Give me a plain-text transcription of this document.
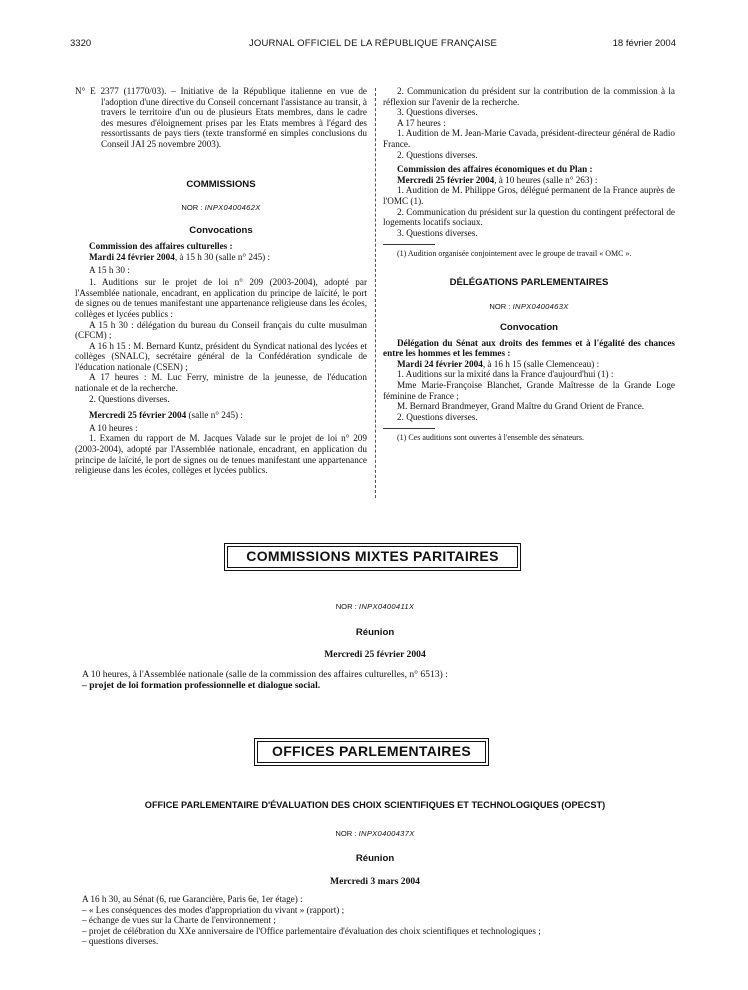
3320	JOURNAL OFFICIEL DE LA RÉPUBLIQUE FRANÇAISE	18 février 2004

N° E 2377 (11770/03). – Initiative de la République italienne en vue de l'adoption d'une directive du Conseil concernant l'assistance au transit, à travers le territoire d'un ou de plusieurs Etats membres, dans le cadre des mesures d'éloignement prises par les Etats membres à l'égard des ressortissants de pays tiers (texte transformé en simples conclusions du Conseil JAI 25 novembre 2003).

COMMISSIONS
NOR : INPX0400462X
Convocations

Commission des affaires culturelles :

Mardi 24 février 2004, à 15 h 30 (salle n° 245) :

A 15 h 30 :

1. Auditions sur le projet de loi n° 209 (2003-2004), adopté par l'Assemblée nationale, encadrant, en application du principe de laïcité, le port de signes ou de tenues manifestant une appartenance religieuse dans les écoles, collèges et lycées publics :

A 15 h 30 : délégation du bureau du Conseil français du culte musulman (CFCM) ;

A 16 h 15 : M. Bernard Kuntz, président du Syndicat national des lycées et collèges (SNALC), secrétaire général de la Confédération syndicale de l'éducation nationale (CSEN) ;

A 17 heures : M. Luc Ferry, ministre de la jeunesse, de l'éducation nationale et de la recherche.

2. Questions diverses.

Mercredi 25 février 2004 (salle n° 245) :

A 10 heures :

1. Examen du rapport de M. Jacques Valade sur le projet de loi n° 209 (2003-2004), adopté par l'Assemblée nationale, encadrant, en application du principe de laïcité, le port de signes ou de tenues manifestant une appartenance religieuse dans les écoles, collèges et lycées publics.

2. Communication du président sur la contribution de la commission à la réflexion sur l'avenir de la recherche.

3. Questions diverses.

A 17 heures :

1. Audition de M. Jean-Marie Cavada, président-directeur général de Radio France.

2. Questions diverses.

Commission des affaires économiques et du Plan :

Mercredi 25 février 2004, à 10 heures (salle n° 263) :

1. Audition de M. Philippe Gros, délégué permanent de la France auprès de l'OMC (1).

2. Communication du président sur la question du contingent préfectoral de logements locatifs sociaux.

3. Questions diverses.

(1) Audition organisée conjointement avec le groupe de travail « OMC ».

DÉLÉGATIONS PARLEMENTAIRES
NOR : INPX0400463X
Convocation

Délégation du Sénat aux droits des femmes et à l'égalité des chances entre les hommes et les femmes :

Mardi 24 février 2004, à 16 h 15 (salle Clemenceau) :

1. Auditions sur la mixité dans la France d'aujourd'hui (1) :

Mme Marie-Françoise Blanchet, Grande Maîtresse de la Grande Loge féminine de France ;

M. Bernard Brandmeyer, Grand Maître du Grand Orient de France.

2. Questions diverses.

(1) Ces auditions sont ouvertes à l'ensemble des sénateurs.

COMMISSIONS MIXTES PARITAIRES
NOR : INPX0400411X
Réunion
Mercredi 25 février 2004

A 10 heures, à l'Assemblée nationale (salle de la commission des affaires culturelles, n° 6513) :

– projet de loi formation professionnelle et dialogue social.

OFFICES PARLEMENTAIRES
OFFICE PARLEMENTAIRE D'ÉVALUATION DES CHOIX SCIENTIFIQUES ET TECHNOLOGIQUES (OPECST)
NOR : INPX0400437X
Réunion
Mercredi 3 mars 2004

A 16 h 30, au Sénat (6, rue Garancière, Paris 6e, 1er étage) :

– « Les conséquences des modes d'appropriation du vivant » (rapport) ;

– échange de vues sur la Charte de l'environnement ;

– projet de célébration du XXe anniversaire de l'Office parlementaire d'évaluation des choix scientifiques et technologiques ;

– questions diverses.
